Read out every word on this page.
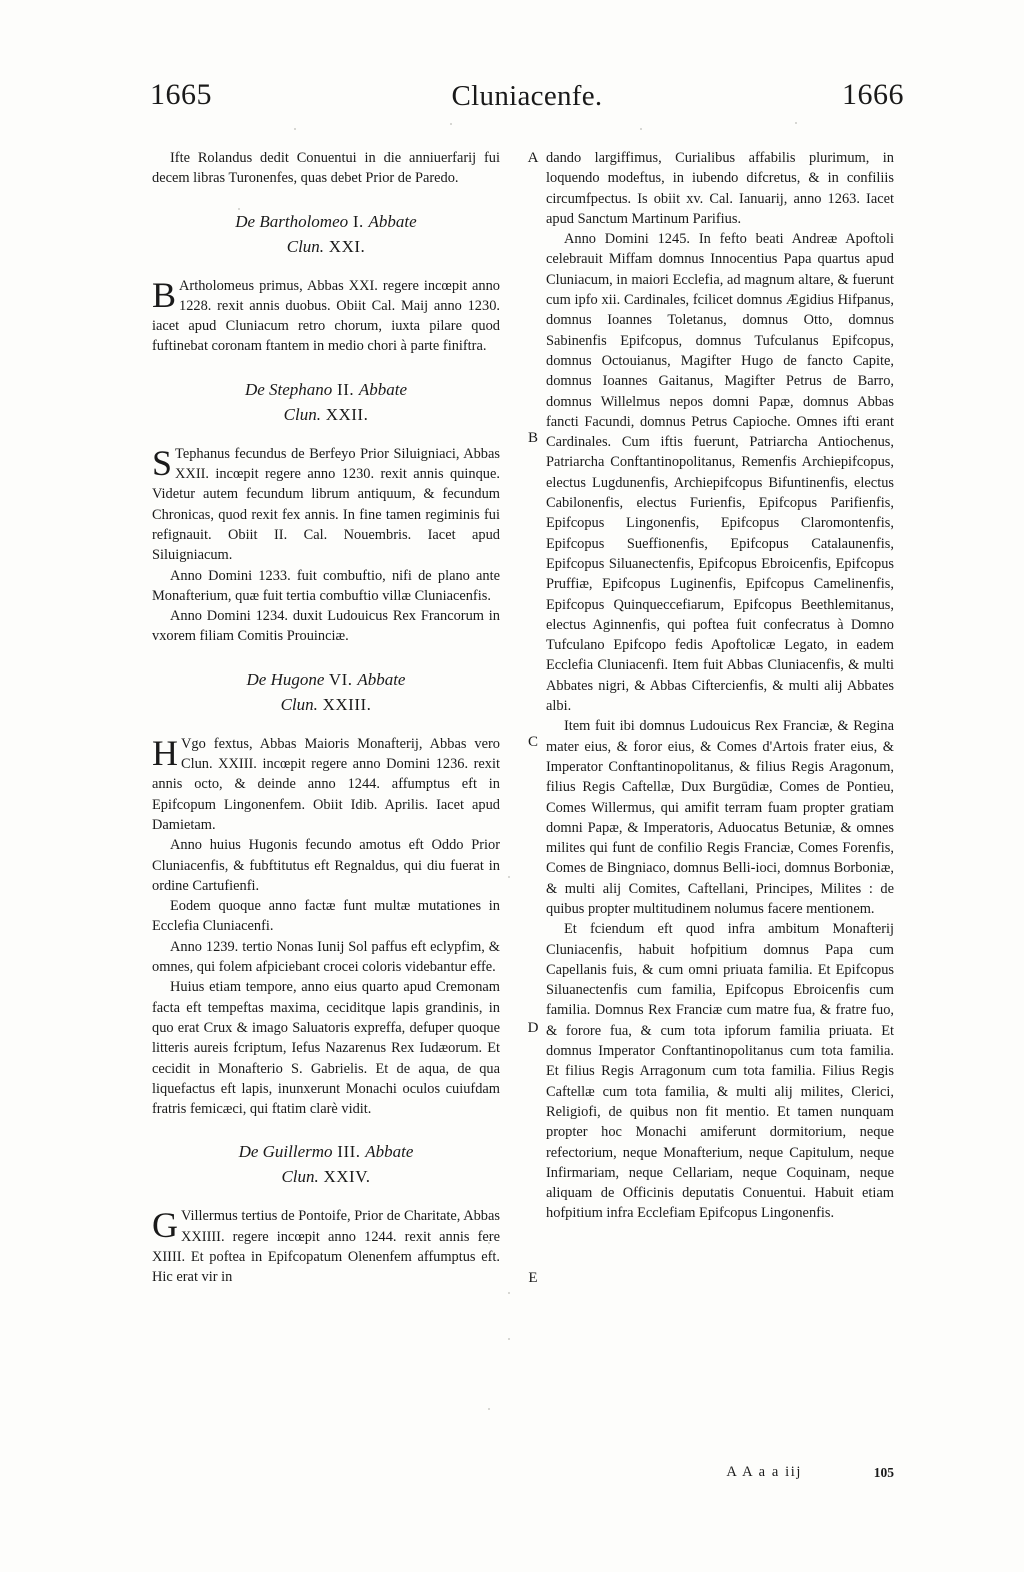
1665	Cluniacenfe.	1666

Ifte Rolandus dedit Conuentui in die anniuerfarij fui decem libras Turonenfes, quas debet Prior de Paredo.

De Bartholomeo I. Abbate
Clun. XXI.

B Artholomeus primus, Abbas XXI. regere incœpit anno 1228. rexit annis duobus. Obiit Cal. Maij anno 1230. iacet apud Cluniacum retro chorum, iuxta pilare quod fuftinebat coronam ftantem in medio chori à parte finiftra.

De Stephano II. Abbate
Clun. XXII.

S Tephanus fecundus de Berfeyo Prior Siluigniaci, Abbas XXII. incœpit regere anno 1230. rexit annis quinque. Videtur autem fecundum librum antiquum, & fecundum Chronicas, quod rexit fex annis. In fine tamen regiminis fui refignauit. Obiit II. Cal. Nouembris. Iacet apud Siluigniacum.

Anno Domini 1233. fuit combuftio, nifi de plano ante Monafterium, quæ fuit tertia combuftio villæ Cluniacenfis.

Anno Domini 1234. duxit Ludouicus Rex Francorum in vxorem filiam Comitis Prouinciæ.

De Hugone VI. Abbate
Clun. XXIII.

H Vgo fextus, Abbas Maioris Monafterij, Abbas vero Clun. XXIII. incœpit regere anno Domini 1236. rexit annis octo, & deinde anno 1244. affumptus eft in Epifcopum Lingonenfem. Obiit Idib. Aprilis. Iacet apud Damietam.

Anno huius Hugonis fecundo amotus eft Oddo Prior Cluniacenfis, & fubftitutus eft Regnaldus, qui diu fuerat in ordine Cartufienfi.

Eodem quoque anno factæ funt multæ mutationes in Ecclefia Cluniacenfi.

Anno 1239. tertio Nonas Iunij Sol paffus eft eclypfim, & omnes, qui folem afpiciebant crocei coloris videbantur effe.

Huius etiam tempore, anno eius quarto apud Cremonam facta eft tempeftas maxima, ceciditque lapis grandinis, in quo erat Crux & imago Saluatoris expreffa, defuper quoque litteris aureis fcriptum, Iefus Nazarenus Rex Iudæorum. Et cecidit in Monafterio S. Gabrielis. Et de aqua, de qua liquefactus eft lapis, inunxerunt Monachi oculos cuiufdam fratris femicæci, qui ftatim clarè vidit.

De Guillermo III. Abbate
Clun. XXIV.

G Villermus tertius de Pontoife, Prior de Charitate, Abbas XXIIII. regere incœpit anno 1244. rexit annis fere XIIII. Et poftea in Epifcopatum Olenenfem affumptus eft. Hic erat vir in

dando largiffimus, Curialibus affabilis plurimum, in loquendo modeftus, in iubendo difcretus, & in confiliis circumfpectus. Is obiit xv. Cal. Ianuarij, anno 1263. Iacet apud Sanctum Martinum Parifius.

Anno Domini 1245. In fefto beati Andreæ Apoftoli celebrauit Miffam domnus Innocentius Papa quartus apud Cluniacum, in maiori Ecclefia, ad magnum altare, & fuerunt cum ipfo xii. Cardinales, fcilicet domnus Ægidius Hifpanus, domnus Ioannes Toletanus, domnus Otto, domnus Sabinenfis Epifcopus, domnus Tufculanus Epifcopus, domnus Octouianus, Magifter Hugo de fancto Capite, domnus Ioannes Gaitanus, Magifter Petrus de Barro, domnus Willelmus nepos domni Papæ, domnus Abbas fancti Facundi, domnus Petrus Capioche. Omnes ifti erant Cardinales. Cum iftis fuerunt, Patriarcha Antiochenus, Patriarcha Conftantinopolitanus, Remenfis Archiepifcopus, electus Lugdunenfis, Archiepifcopus Bifuntinenfis, electus Cabilonenfis, electus Furienfis, Epifcopus Parifienfis, Epifcopus Lingonenfis, Epifcopus Claromontenfis, Epifcopus Sueffionenfis, Epifcopus Catalaunenfis, Epifcopus Siluanectenfis, Epifcopus Ebroicenfis, Epifcopus Pruffiæ, Epifcopus Luginenfis, Epifcopus Camelinenfis, Epifcopus Quinqueccefiarum, Epifcopus Beethlemitanus, electus Aginnenfis, qui poftea fuit confecratus à Domno Tufculano Epifcopo fedis Apoftolicæ Legato, in eadem Ecclefia Cluniacenfi. Item fuit Abbas Cluniacenfis, & multi Abbates nigri, & Abbas Ciftercienfis, & multi alij Abbates albi.

Item fuit ibi domnus Ludouicus Rex Franciæ, & Regina mater eius, & foror eius, & Comes d'Artois frater eius, & Imperator Conftantinopolitanus, & filius Regis Aragonum, filius Regis Caftellæ, Dux Burgūdiæ, Comes de Pontieu, Comes Willermus, qui amifit terram fuam propter gratiam domni Papæ, & Imperatoris, Aduocatus Betuniæ, & omnes milites qui funt de confilio Regis Franciæ, Comes Forenfis, Comes de Bingniaco, domnus Belli-ioci, domnus Borboniæ, & multi alij Comites, Caftellani, Principes, Milites : de quibus propter multitudinem nolumus facere mentionem.

Et fciendum eft quod infra ambitum Monafterij Cluniacenfis, habuit hofpitium domnus Papa cum Capellanis fuis, & cum omni priuata familia. Et Epifcopus Siluanectenfis cum familia, Epifcopus Ebroicenfis cum familia. Domnus Rex Franciæ cum matre fua, & fratre fuo, & forore fua, & cum tota ipforum familia priuata. Et domnus Imperator Conftantinopolitanus cum tota familia. Et filius Regis Arragonum cum tota familia. Filius Regis Caftellæ cum tota familia, & multi alij milites, Clerici, Religiofi, de quibus non fit mentio. Et tamen nunquam propter hoc Monachi amiferunt dormitorium, neque refectorium, neque Monafterium, neque Capitulum, neque Infirmariam, neque Cellariam, neque Coquinam, neque aliquam de Officinis deputatis Conuentui. Habuit etiam hofpitium infra Ecclefiam Epifcopus Lingonenfis.

A
B
C
D
E
A A a a iij	105
